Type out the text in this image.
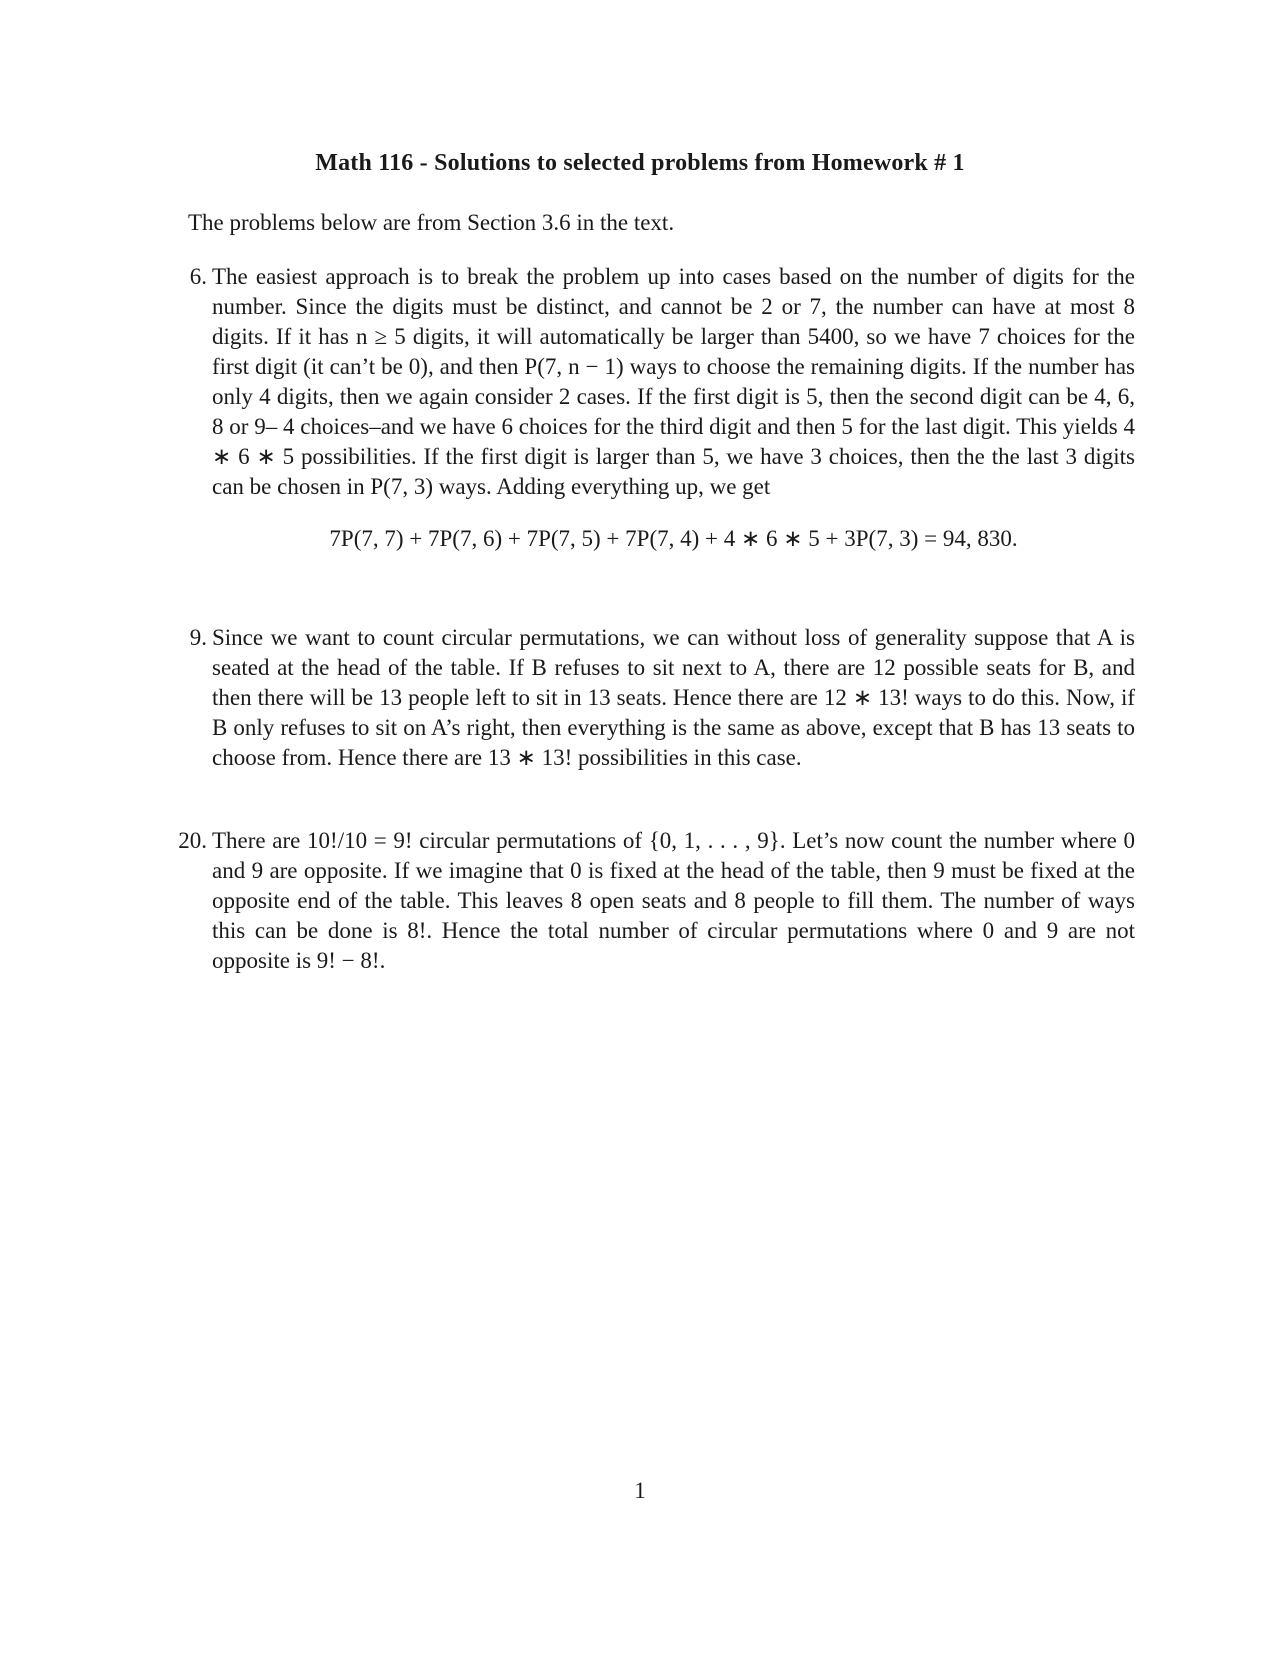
Math 116 - Solutions to selected problems from Homework # 1
The problems below are from Section 3.6 in the text.
6. The easiest approach is to break the problem up into cases based on the number of digits for the number. Since the digits must be distinct, and cannot be 2 or 7, the number can have at most 8 digits. If it has n ≥ 5 digits, it will automatically be larger than 5400, so we have 7 choices for the first digit (it can’t be 0), and then P(7, n − 1) ways to choose the remaining digits. If the number has only 4 digits, then we again consider 2 cases. If the first digit is 5, then the second digit can be 4, 6, 8 or 9– 4 choices–and we have 6 choices for the third digit and then 5 for the last digit. This yields 4 ∗ 6 ∗ 5 possibilities. If the first digit is larger than 5, we have 3 choices, then the the last 3 digits can be chosen in P(7, 3) ways. Adding everything up, we get
7P(7, 7) + 7P(7, 6) + 7P(7, 5) + 7P(7, 4) + 4 ∗ 6 ∗ 5 + 3P(7, 3) = 94, 830.
9. Since we want to count circular permutations, we can without loss of generality suppose that A is seated at the head of the table. If B refuses to sit next to A, there are 12 possible seats for B, and then there will be 13 people left to sit in 13 seats. Hence there are 12 ∗ 13! ways to do this. Now, if B only refuses to sit on A’s right, then everything is the same as above, except that B has 13 seats to choose from. Hence there are 13 ∗ 13! possibilities in this case.
20. There are 10!/10 = 9! circular permutations of {0, 1, . . . , 9}. Let’s now count the number where 0 and 9 are opposite. If we imagine that 0 is fixed at the head of the table, then 9 must be fixed at the opposite end of the table. This leaves 8 open seats and 8 people to fill them. The number of ways this can be done is 8!. Hence the total number of circular permutations where 0 and 9 are not opposite is 9! − 8!.
1
